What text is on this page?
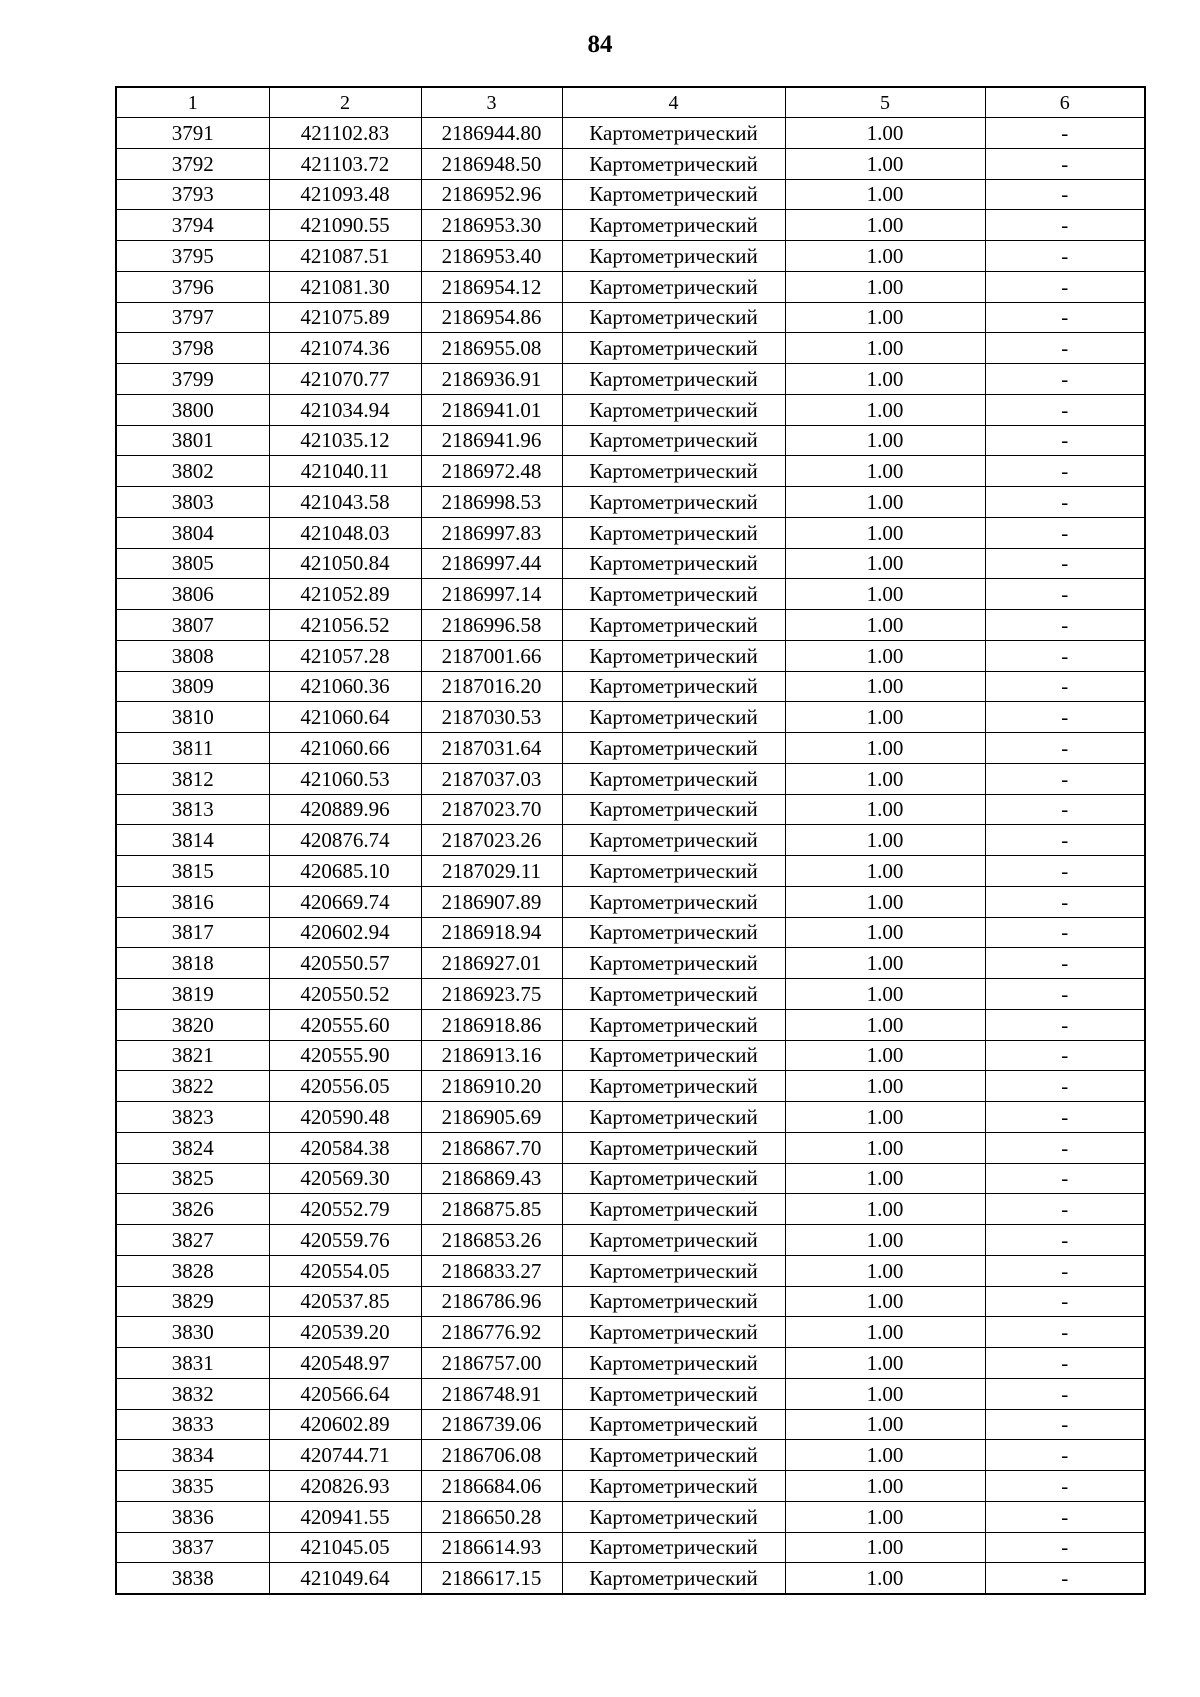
84
1	2	3	4	5	6
3791	421102.83	2186944.80	Картометрический	1.00	-
3792	421103.72	2186948.50	Картометрический	1.00	-
3793	421093.48	2186952.96	Картометрический	1.00	-
3794	421090.55	2186953.30	Картометрический	1.00	-
3795	421087.51	2186953.40	Картометрический	1.00	-
3796	421081.30	2186954.12	Картометрический	1.00	-
3797	421075.89	2186954.86	Картометрический	1.00	-
3798	421074.36	2186955.08	Картометрический	1.00	-
3799	421070.77	2186936.91	Картометрический	1.00	-
3800	421034.94	2186941.01	Картометрический	1.00	-
3801	421035.12	2186941.96	Картометрический	1.00	-
3802	421040.11	2186972.48	Картометрический	1.00	-
3803	421043.58	2186998.53	Картометрический	1.00	-
3804	421048.03	2186997.83	Картометрический	1.00	-
3805	421050.84	2186997.44	Картометрический	1.00	-
3806	421052.89	2186997.14	Картометрический	1.00	-
3807	421056.52	2186996.58	Картометрический	1.00	-
3808	421057.28	2187001.66	Картометрический	1.00	-
3809	421060.36	2187016.20	Картометрический	1.00	-
3810	421060.64	2187030.53	Картометрический	1.00	-
3811	421060.66	2187031.64	Картометрический	1.00	-
3812	421060.53	2187037.03	Картометрический	1.00	-
3813	420889.96	2187023.70	Картометрический	1.00	-
3814	420876.74	2187023.26	Картометрический	1.00	-
3815	420685.10	2187029.11	Картометрический	1.00	-
3816	420669.74	2186907.89	Картометрический	1.00	-
3817	420602.94	2186918.94	Картометрический	1.00	-
3818	420550.57	2186927.01	Картометрический	1.00	-
3819	420550.52	2186923.75	Картометрический	1.00	-
3820	420555.60	2186918.86	Картометрический	1.00	-
3821	420555.90	2186913.16	Картометрический	1.00	-
3822	420556.05	2186910.20	Картометрический	1.00	-
3823	420590.48	2186905.69	Картометрический	1.00	-
3824	420584.38	2186867.70	Картометрический	1.00	-
3825	420569.30	2186869.43	Картометрический	1.00	-
3826	420552.79	2186875.85	Картометрический	1.00	-
3827	420559.76	2186853.26	Картометрический	1.00	-
3828	420554.05	2186833.27	Картометрический	1.00	-
3829	420537.85	2186786.96	Картометрический	1.00	-
3830	420539.20	2186776.92	Картометрический	1.00	-
3831	420548.97	2186757.00	Картометрический	1.00	-
3832	420566.64	2186748.91	Картометрический	1.00	-
3833	420602.89	2186739.06	Картометрический	1.00	-
3834	420744.71	2186706.08	Картометрический	1.00	-
3835	420826.93	2186684.06	Картометрический	1.00	-
3836	420941.55	2186650.28	Картометрический	1.00	-
3837	421045.05	2186614.93	Картометрический	1.00	-
3838	421049.64	2186617.15	Картометрический	1.00	-
